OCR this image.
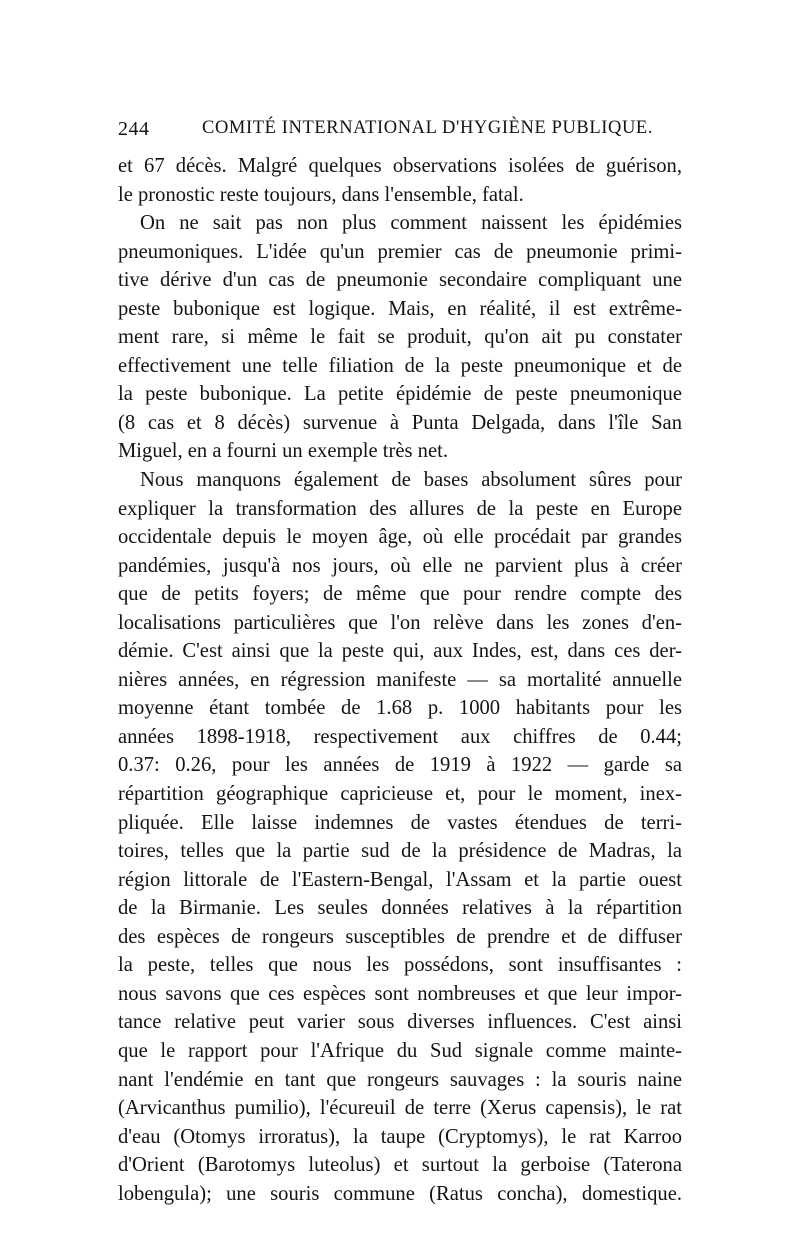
244	COMITÉ INTERNATIONAL D'HYGIÈNE PUBLIQUE.
et 67 décès. Malgré quelques observations isolées de guérison,
le pronostic reste toujours, dans l'ensemble, fatal.
On ne sait pas non plus comment naissent les épidémies
pneumoniques. L'idée qu'un premier cas de pneumonie primi-
tive dérive d'un cas de pneumonie secondaire compliquant une
peste bubonique est logique. Mais, en réalité, il est extrême-
ment rare, si même le fait se produit, qu'on ait pu constater
effectivement une telle filiation de la peste pneumonique et de
la peste bubonique. La petite épidémie de peste pneumonique
(8 cas et 8 décès) survenue à Punta Delgada, dans l'île San
Miguel, en a fourni un exemple très net.
Nous manquons également de bases absolument sûres pour
expliquer la transformation des allures de la peste en Europe
occidentale depuis le moyen âge, où elle procédait par grandes
pandémies, jusqu'à nos jours, où elle ne parvient plus à créer
que de petits foyers; de même que pour rendre compte des
localisations particulières que l'on relève dans les zones d'en-
démie. C'est ainsi que la peste qui, aux Indes, est, dans ces der-
nières années, en régression manifeste — sa mortalité annuelle
moyenne étant tombée de 1.68 p. 1000 habitants pour les
années 1898-1918, respectivement aux chiffres de 0.44;
0.37: 0.26, pour les années de 1919 à 1922 — garde sa
répartition géographique capricieuse et, pour le moment, inex-
pliquée. Elle laisse indemnes de vastes étendues de terri-
toires, telles que la partie sud de la présidence de Madras, la
région littorale de l'Eastern-Bengal, l'Assam et la partie ouest
de la Birmanie. Les seules données relatives à la répartition
des espèces de rongeurs susceptibles de prendre et de diffuser
la peste, telles que nous les possédons, sont insuffisantes :
nous savons que ces espèces sont nombreuses et que leur impor-
tance relative peut varier sous diverses influences. C'est ainsi
que le rapport pour l'Afrique du Sud signale comme mainte-
nant l'endémie en tant que rongeurs sauvages : la souris naine
(Arvicanthus pumilio), l'écureuil de terre (Xerus capensis), le rat
d'eau (Otomys irroratus), la taupe (Cryptomys), le rat Karroo
d'Orient (Barotomys luteolus) et surtout la gerboise (Taterona
lobengula); une souris commune (Ratus concha), domestique.
